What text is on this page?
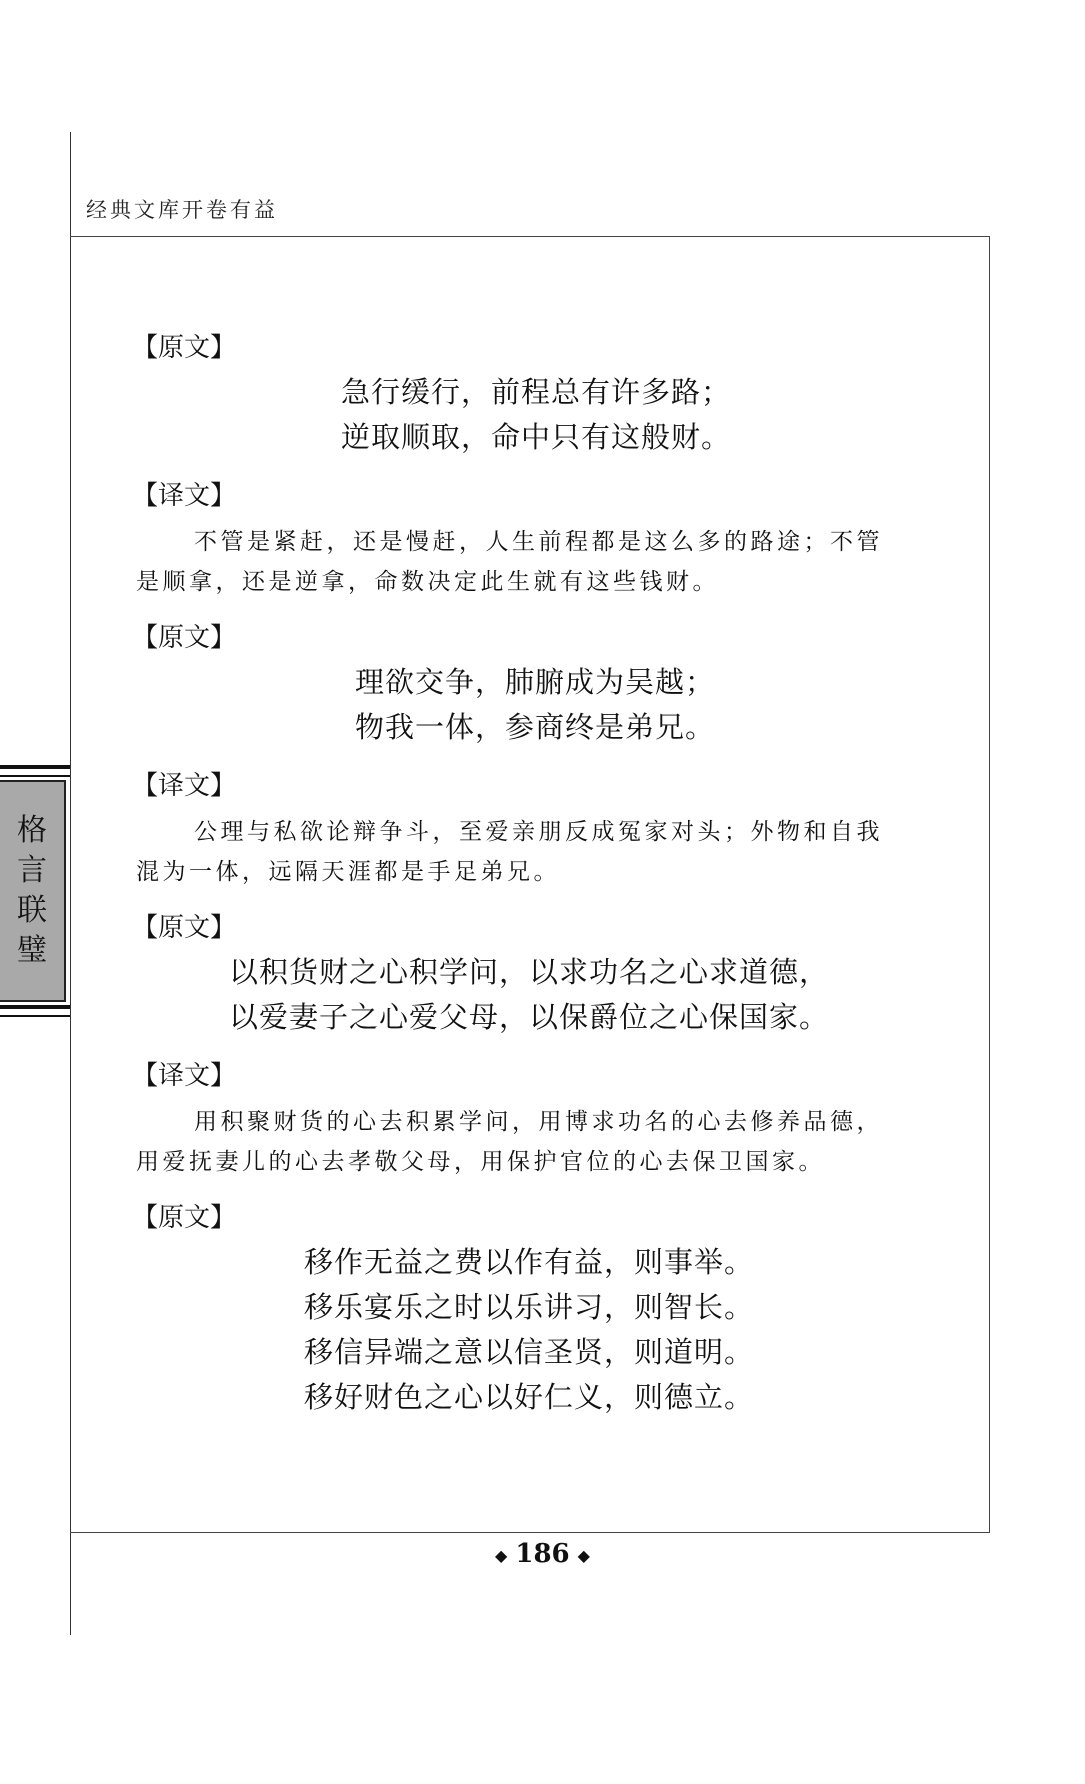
经典文库开卷有益
格
言
联
璧
【原文】
急行缓行，前程总有许多路；
逆取顺取，命中只有这般财。
【译文】
不管是紧赶，还是慢赶，人生前程都是这么多的路途；不管是顺拿，还是逆拿，命数决定此生就有这些钱财。
【原文】
理欲交争，肺腑成为吴越；
物我一体，参商终是弟兄。
【译文】
公理与私欲论辩争斗，至爱亲朋反成冤家对头；外物和自我混为一体，远隔天涯都是手足弟兄。
【原文】
以积货财之心积学问，以求功名之心求道德，
以爱妻子之心爱父母，以保爵位之心保国家。
【译文】
用积聚财货的心去积累学问，用博求功名的心去修养品德，用爱抚妻儿的心去孝敬父母，用保护官位的心去保卫国家。
【原文】
移作无益之费以作有益，则事举。
移乐宴乐之时以乐讲习，则智长。
移信异端之意以信圣贤，则道明。
移好财色之心以好仁义，则德立。
◆ 186 ◆
